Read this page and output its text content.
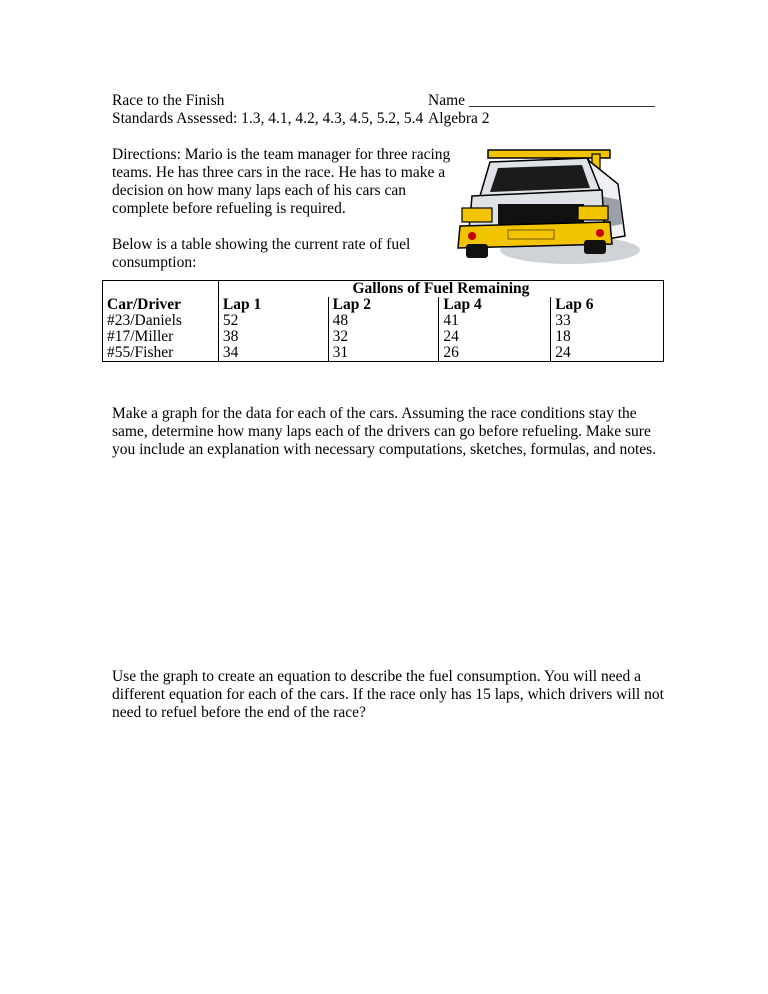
Race to the Finish	Name ________________________
Standards Assessed: 1.3, 4.1, 4.2, 4.3, 4.5, 5.2, 5.4 Algebra 2
Directions: Mario is the team manager for three racing
teams. He has three cars in the race. He has to make a
decision on how many laps each of his cars can
complete before refueling is required.
Below is a table showing the current rate of fuel
consumption:
	Gallons of Fuel Remaining			
Car/Driver	Lap 1	Lap 2	Lap 4	Lap 6
#23/Daniels	52	48	41	33
#17/Miller	38	32	24	18
#55/Fisher	34	31	26	24
Make a graph for the data for each of the cars. Assuming the race conditions stay the
same, determine how many laps each of the drivers can go before refueling. Make sure
you include an explanation with necessary computations, sketches, formulas, and notes.
Use the graph to create an equation to describe the fuel consumption. You will need a
different equation for each of the cars. If the race only has 15 laps, which drivers will not
need to refuel before the end of the race?
